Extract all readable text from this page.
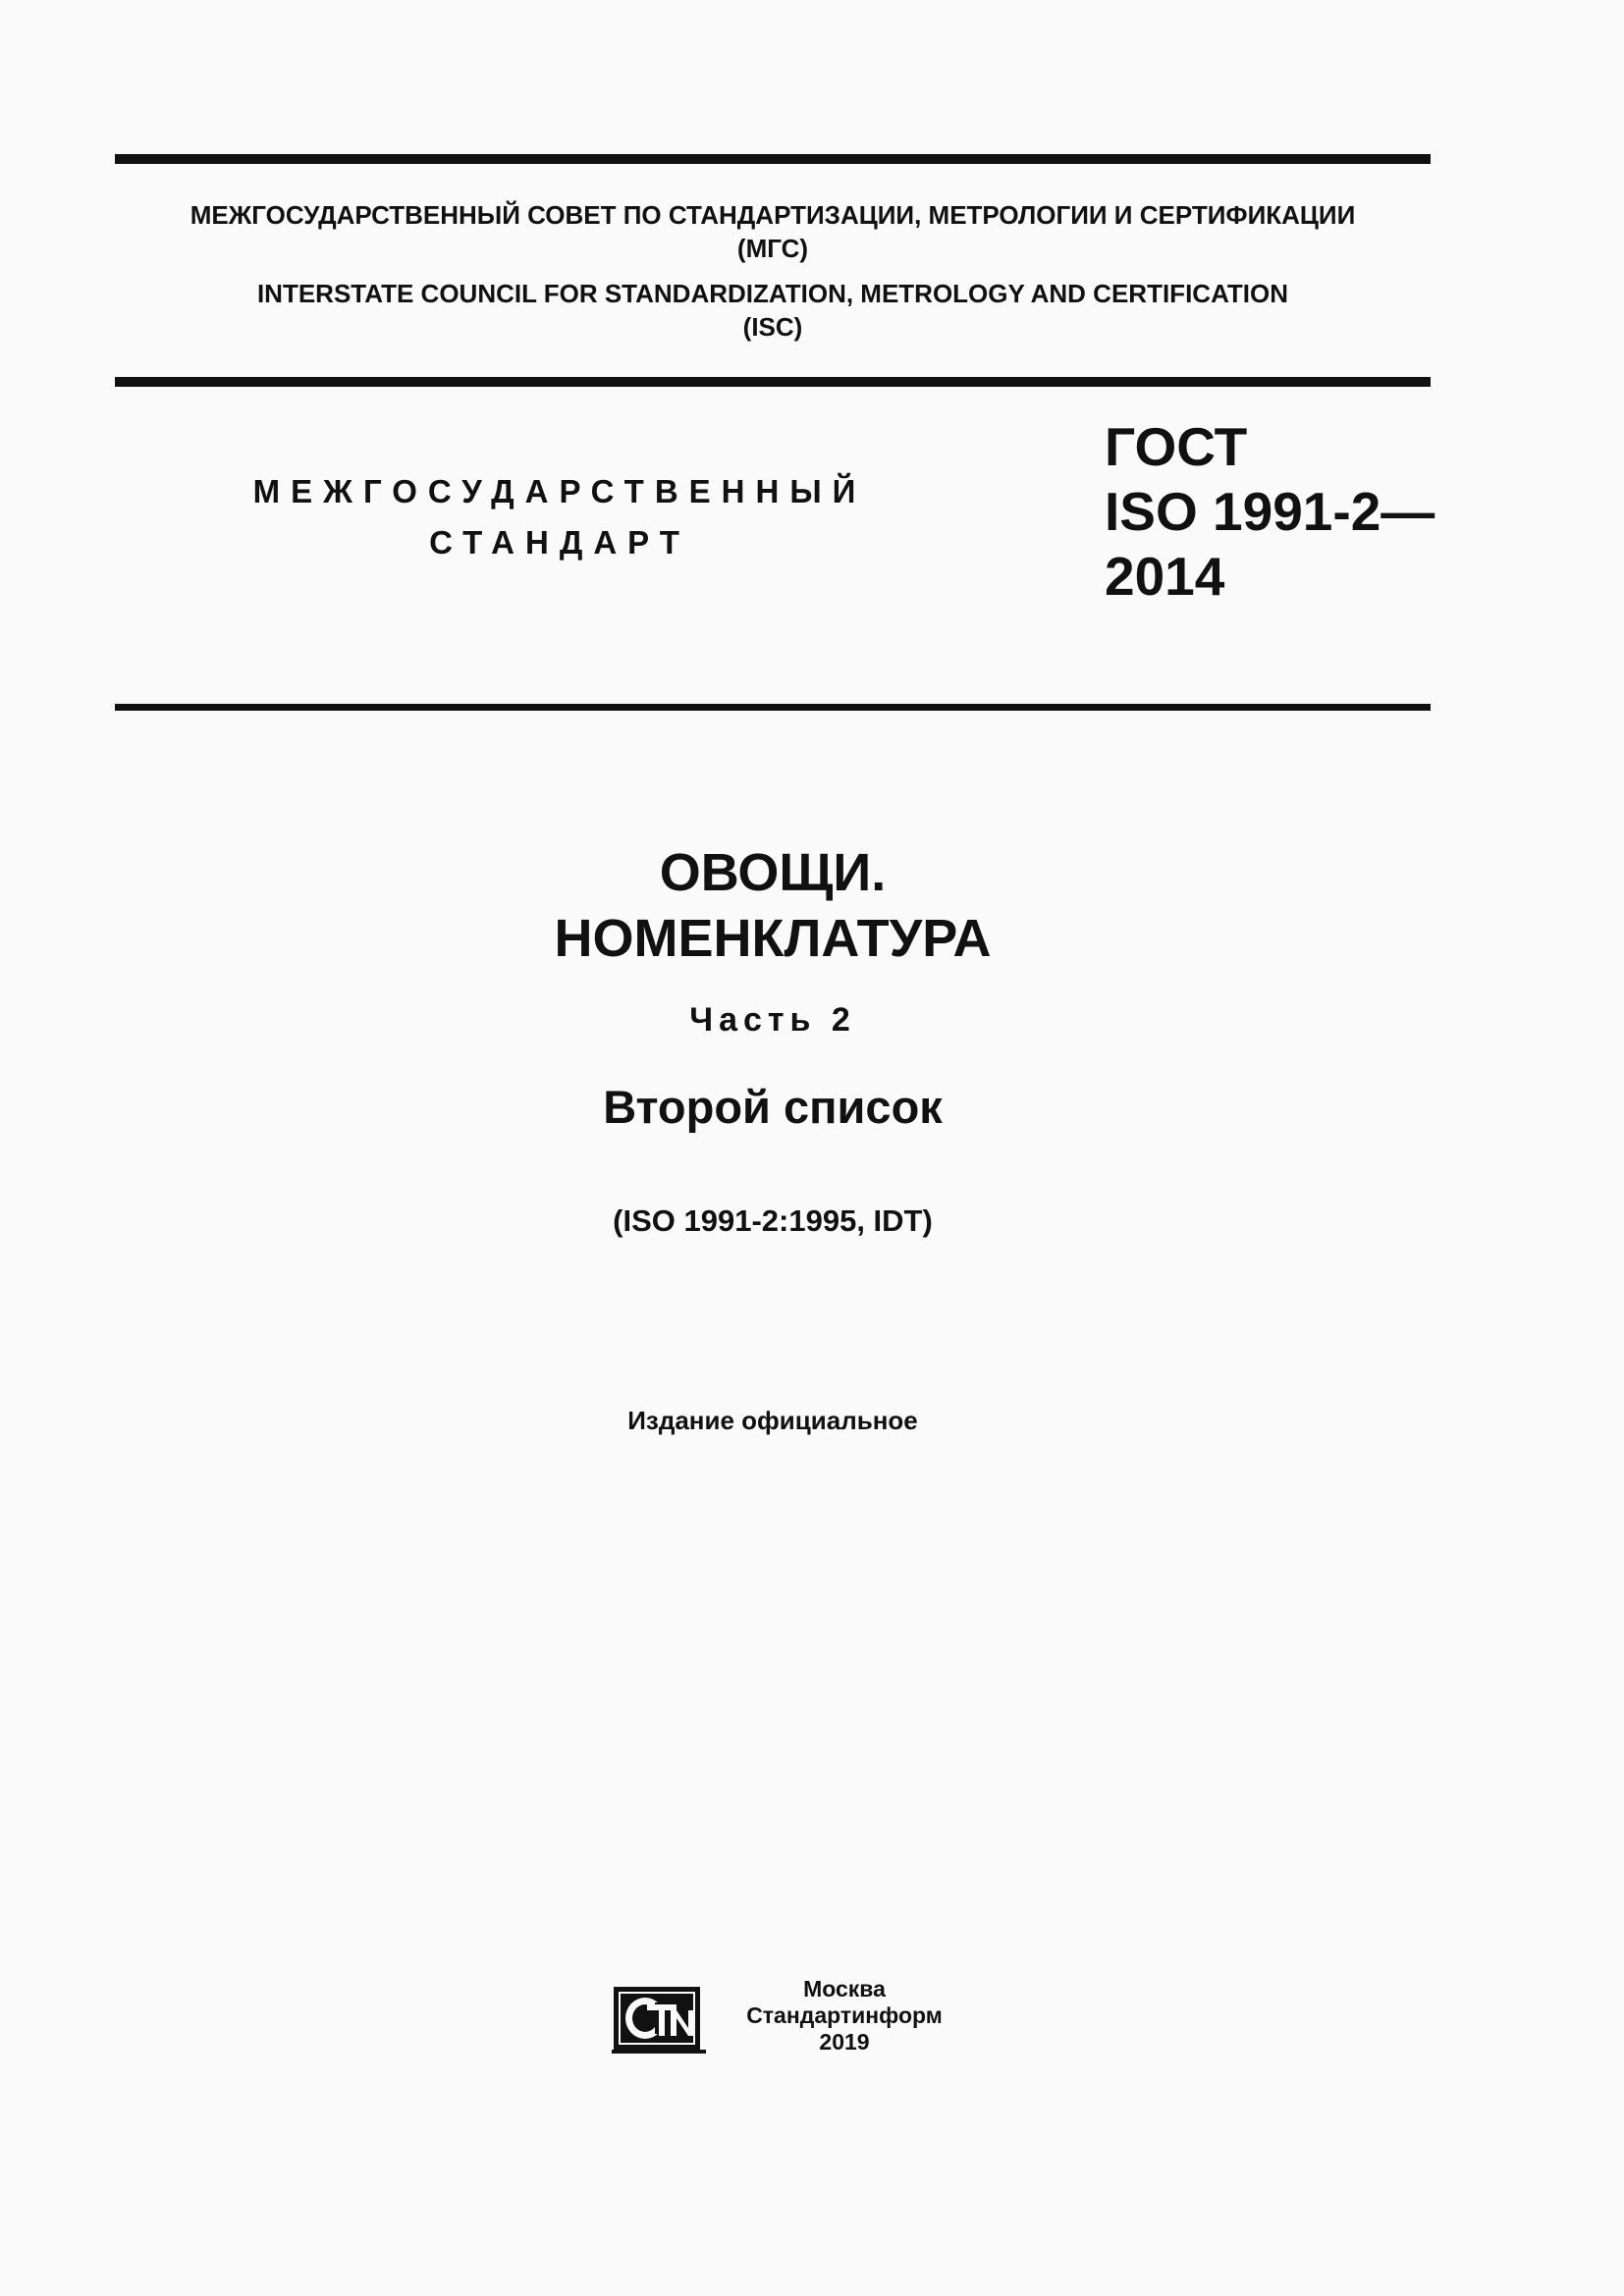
МЕЖГОСУДАРСТВЕННЫЙ СОВЕТ ПО СТАНДАРТИЗАЦИИ, МЕТРОЛОГИИ И СЕРТИФИКАЦИИ
(МГС)
INTERSTATE COUNCIL FOR STANDARDIZATION, METROLOGY AND CERTIFICATION
(ISC)
МЕЖГОСУДАРСТВЕННЫЙ
СТАНДАРТ
ГОСТ
ISO 1991-2—
2014
ОВОЩИ.
НОМЕНКЛАТУРА
Часть 2
Второй список
(ISO 1991-2:1995, IDT)
Издание официальное
Москва
Стандартинформ
2019
